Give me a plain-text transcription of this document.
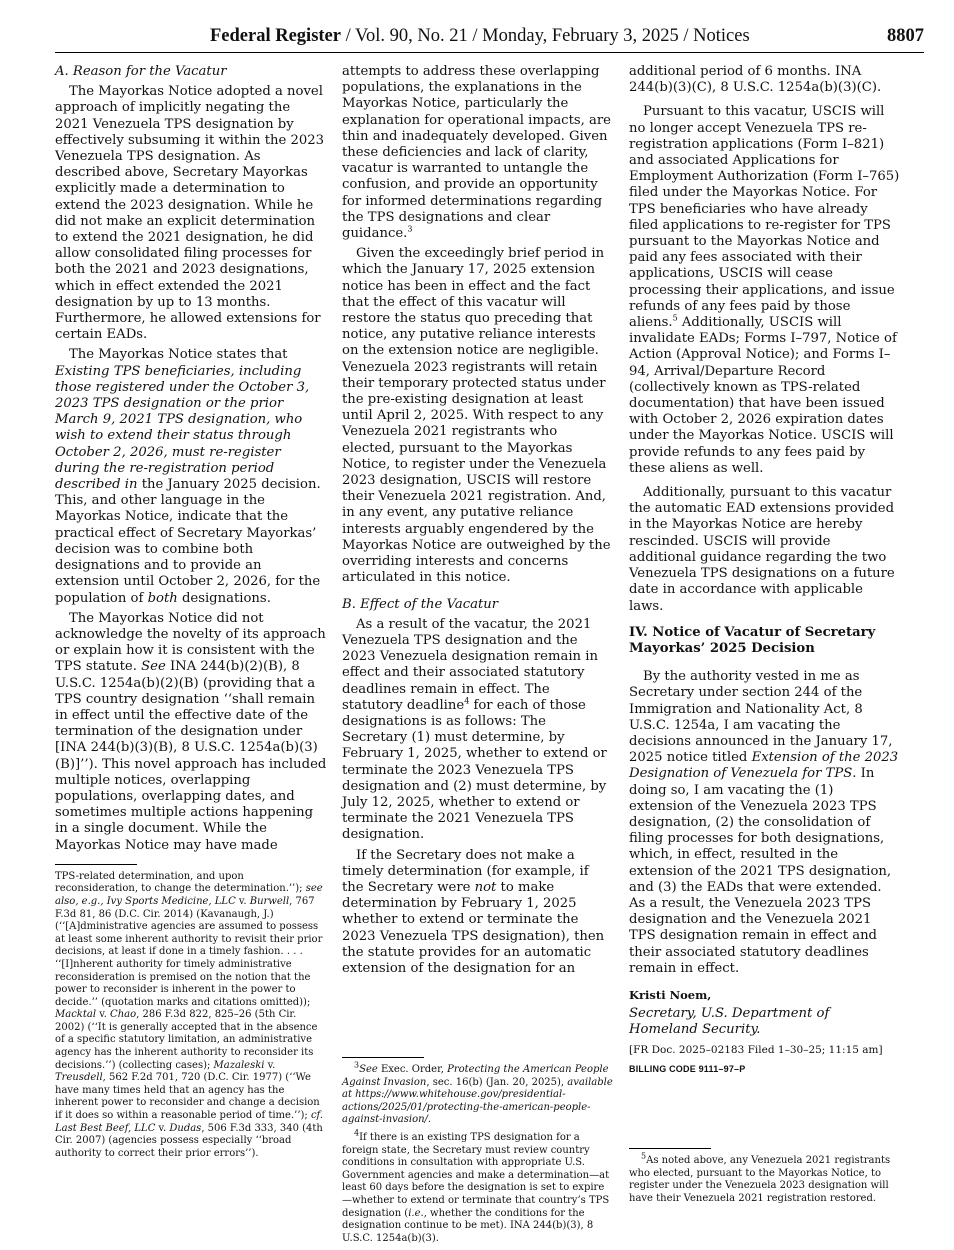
Federal Register / Vol. 90, No. 21 / Monday, February 3, 2025 / Notices	8807
A. Reason for the Vacatur

The Mayorkas Notice adopted a novel approach of implicitly negating the 2021 Venezuela TPS designation by effectively subsuming it within the 2023 Venezuela TPS designation. As described above, Secretary Mayorkas explicitly made a determination to extend the 2023 designation. While he did not make an explicit determination to extend the 2021 designation, he did allow consolidated filing processes for both the 2021 and 2023 designations, which in effect extended the 2021 designation by up to 13 months. Furthermore, he allowed extensions for certain EADs.

The Mayorkas Notice states that Existing TPS beneficiaries, including those registered under the October 3, 2023 TPS designation or the prior March 9, 2021 TPS designation, who wish to extend their status through October 2, 2026, must re-register during the re-registration period described in the January 2025 decision. This, and other language in the Mayorkas Notice, indicate that the practical effect of Secretary Mayorkas’ decision was to combine both designations and to provide an extension until October 2, 2026, for the population of both designations.

The Mayorkas Notice did not acknowledge the novelty of its approach or explain how it is consistent with the TPS statute. See INA 244(b)(2)(B), 8 U.S.C. 1254a(b)(2)(B) (providing that a TPS country designation ‘‘shall remain in effect until the effective date of the termination of the designation under [INA 244(b)(3)(B), 8 U.S.C. 1254a(b)(3)(B)]’’). This novel approach has included multiple notices, overlapping populations, overlapping dates, and sometimes multiple actions happening in a single document. While the Mayorkas Notice may have made

TPS-related determination, and upon reconsideration, to change the determination.’’); see also, e.g., Ivy Sports Medicine, LLC v. Burwell, 767 F.3d 81, 86 (D.C. Cir. 2014) (Kavanaugh, J.) (‘‘[A]dministrative agencies are assumed to possess at least some inherent authority to revisit their prior decisions, at least if done in a timely fashion. . . . ‘‘[I]nherent authority for timely administrative reconsideration is premised on the notion that the power to reconsider is inherent in the power to decide.’’ (quotation marks and citations omitted)); Macktal v. Chao, 286 F.3d 822, 825–26 (5th Cir. 2002) (‘‘It is generally accepted that in the absence of a specific statutory limitation, an administrative agency has the inherent authority to reconsider its decisions.’’) (collecting cases); Mazaleski v. Treusdell, 562 F.2d 701, 720 (D.C. Cir. 1977) (‘‘We have many times held that an agency has the inherent power to reconsider and change a decision if it does so within a reasonable period of time.’’); cf. Last Best Beef, LLC v. Dudas, 506 F.3d 333, 340 (4th Cir. 2007) (agencies possess especially ‘‘broad authority to correct their prior errors’’).

attempts to address these overlapping populations, the explanations in the Mayorkas Notice, particularly the explanation for operational impacts, are thin and inadequately developed. Given these deficiencies and lack of clarity, vacatur is warranted to untangle the confusion, and provide an opportunity for informed determinations regarding the TPS designations and clear guidance.$^3$

Given the exceedingly brief period in which the January 17, 2025 extension notice has been in effect and the fact that the effect of this vacatur will restore the status quo preceding that notice, any putative reliance interests on the extension notice are negligible. Venezuela 2023 registrants will retain their temporary protected status under the pre-existing designation at least until April 2, 2025. With respect to any Venezuela 2021 registrants who elected, pursuant to the Mayorkas Notice, to register under the Venezuela 2023 designation, USCIS will restore their Venezuela 2021 registration. And, in any event, any putative reliance interests arguably engendered by the Mayorkas Notice are outweighed by the overriding interests and concerns articulated in this notice.

B. Effect of the Vacatur

As a result of the vacatur, the 2021 Venezuela TPS designation and the 2023 Venezuela designation remain in effect and their associated statutory deadlines remain in effect. The statutory deadline$^4$ for each of those designations is as follows: The Secretary (1) must determine, by February 1, 2025, whether to extend or terminate the 2023 Venezuela TPS designation and (2) must determine, by July 12, 2025, whether to extend or terminate the 2021 Venezuela TPS designation.

If the Secretary does not make a timely determination (for example, if the Secretary were not to make determination by February 1, 2025 whether to extend or terminate the 2023 Venezuela TPS designation), then the statute provides for an automatic extension of the designation for an

$^3$See Exec. Order, Protecting the American People Against Invasion, sec. 16(b) (Jan. 20, 2025), available at https://www.whitehouse.gov/presidential-actions/2025/01/protecting-the-american-people-against-invasion/.

$^4$If there is an existing TPS designation for a foreign state, the Secretary must review country conditions in consultation with appropriate U.S. Government agencies and make a determination—at least 60 days before the designation is set to expire—whether to extend or terminate that country’s TPS designation (i.e., whether the conditions for the designation continue to be met). INA 244(b)(3), 8 U.S.C. 1254a(b)(3).

additional period of 6 months. INA 244(b)(3)(C), 8 U.S.C. 1254a(b)(3)(C).

Pursuant to this vacatur, USCIS will no longer accept Venezuela TPS re-registration applications (Form I–821) and associated Applications for Employment Authorization (Form I–765) filed under the Mayorkas Notice. For TPS beneficiaries who have already filed applications to re-register for TPS pursuant to the Mayorkas Notice and paid any fees associated with their applications, USCIS will cease processing their applications, and issue refunds of any fees paid by those aliens.$^5$ Additionally, USCIS will invalidate EADs; Forms I–797, Notice of Action (Approval Notice); and Forms I–94, Arrival/Departure Record (collectively known as TPS-related documentation) that have been issued with October 2, 2026 expiration dates under the Mayorkas Notice. USCIS will provide refunds to any fees paid by these aliens as well.

Additionally, pursuant to this vacatur the automatic EAD extensions provided in the Mayorkas Notice are hereby rescinded. USCIS will provide additional guidance regarding the two Venezuela TPS designations on a future date in accordance with applicable laws.

IV. Notice of Vacatur of Secretary Mayorkas’ 2025 Decision

By the authority vested in me as Secretary under section 244 of the Immigration and Nationality Act, 8 U.S.C. 1254a, I am vacating the decisions announced in the January 17, 2025 notice titled Extension of the 2023 Designation of Venezuela for TPS. In doing so, I am vacating the (1) extension of the Venezuela 2023 TPS designation, (2) the consolidation of filing processes for both designations, which, in effect, resulted in the extension of the 2021 TPS designation, and (3) the EADs that were extended. As a result, the Venezuela 2023 TPS designation and the Venezuela 2021 TPS designation remain in effect and their associated statutory deadlines remain in effect.

Kristi Noem,

Secretary, U.S. Department of Homeland Security.

[FR Doc. 2025–02183 Filed 1–30–25; 11:15 am]

BILLING CODE 9111–97–P

$^5$As noted above, any Venezuela 2021 registrants who elected, pursuant to the Mayorkas Notice, to register under the Venezuela 2023 designation will have their Venezuela 2021 registration restored.
